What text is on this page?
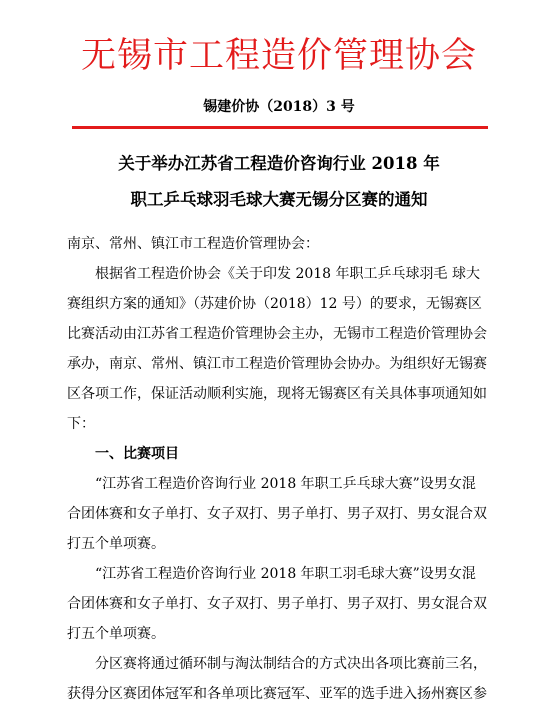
无锡市工程造价管理协会
锡建价协（2018）3 号
关于举办江苏省工程造价咨询行业 2018 年
职工乒乓球羽毛球大赛无锡分区赛的通知

南京、常州、镇江市工程造价管理协会：

根据省工程造价协会《关于印发 2018 年职工乒乓球羽毛 球大
赛组织方案的通知》（苏建价协（2018）12 号）的要求，无锡赛区
比赛活动由江苏省工程造价管理协会主办，无锡市工程造价管理协会
承办，南京、常州、镇江市工程造价管理协会协办。为组织好无锡赛
区各项工作，保证活动顺利实施，现将无锡赛区有关具体事项通知如
下：

一、比赛项目

“江苏省工程造价咨询行业 2018 年职工乒乓球大赛”设男女混
合团体赛和女子单打、女子双打、男子单打、男子双打、男女混合双
打五个单项赛。

“江苏省工程造价咨询行业 2018 年职工羽毛球大赛”设男女混
合团体赛和女子单打、女子双打、男子单打、男子双打、男女混合双
打五个单项赛。

分区赛将通过循环制与淘汰制结合的方式决出各项比赛前三名，
获得分区赛团体冠军和各单项比赛冠军、亚军的选手进入扬州赛区参
